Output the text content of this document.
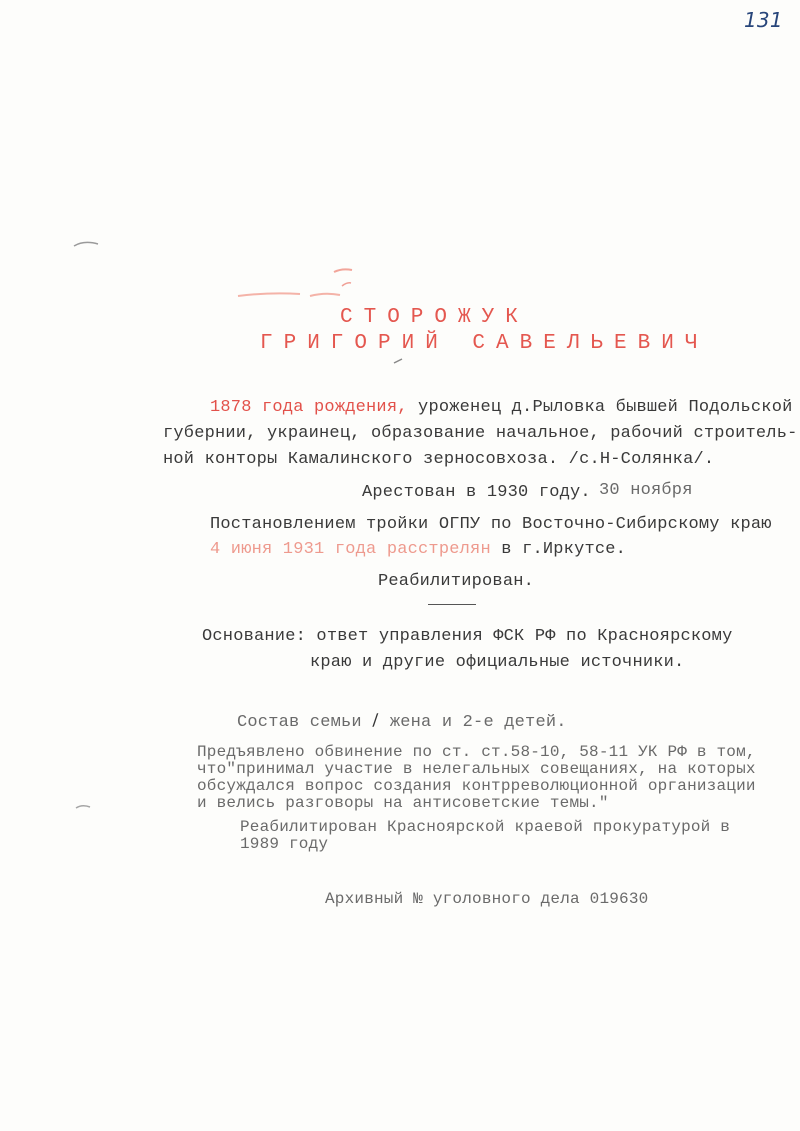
131
СТОРОЖУК
ГРИГОРИЙ САВЕЛЬЕВИЧ
1878 года рождения, уроженец д.Рыловка бывшей Подольской
губернии, украинец, образование начальное, рабочий строитель-
ной конторы Камалинского зерносовхоза. /с.Н-Солянка/.
Арестован в 1930 году. 30 ноября
Постановлением тройки ОГПУ по Восточно-Сибирскому краю
4 июня 1931 года расстрелян в г.Иркутсе.
Реабилитирован.
Основание: ответ управления ФСК РФ по Красноярскому
краю и другие официальные источники.
Состав семьи / жена и 2-е детей.
Предъявлено обвинение по ст. ст.58-10, 58-11 УК РФ в том,
что"принимал участие в нелегальных совещаниях, на которых
обсуждался вопрос создания контрреволюционной организации
и велись разговоры на антисоветские темы."
Реабилитирован Красноярской краевой прокуратурой в
1989 году
Архивный № уголовного дела 019630
